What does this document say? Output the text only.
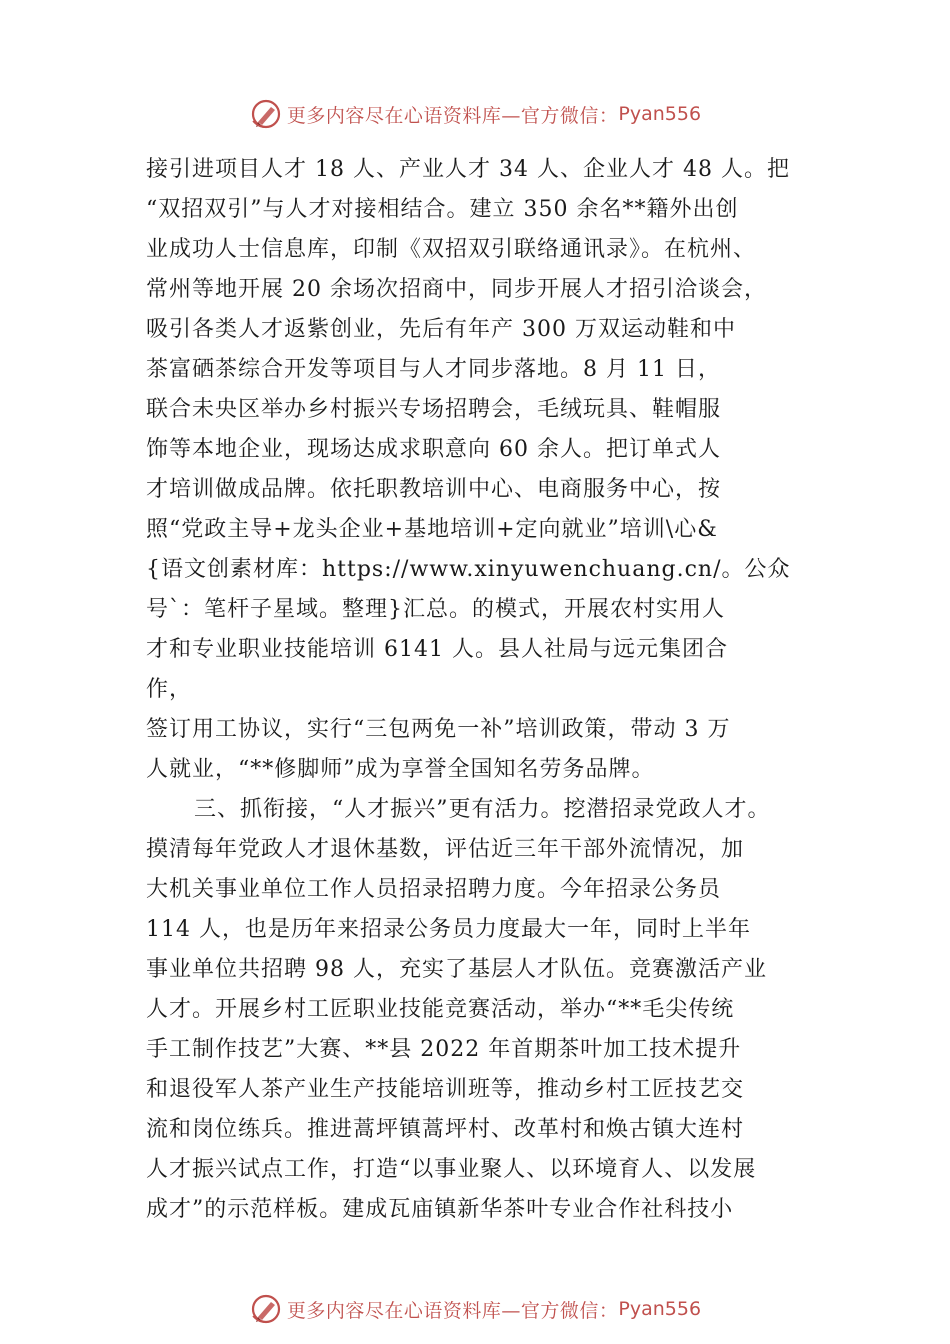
更多内容尽在心语资料库—官方微信： Pyan556
接引进项目人才 18 人、产业人才 34 人、企业人才 48 人。把
“双招双引”与人才对接相结合。建立 350 余名**籍外出创
业成功人士信息库，印制《双招双引联络通讯录》。在杭州、
常州等地开展 20 余场次招商中，同步开展人才招引洽谈会，
吸引各类人才返紫创业，先后有年产 300 万双运动鞋和中
茶富硒茶综合开发等项目与人才同步落地。8 月 11 日，
联合未央区举办乡村振兴专场招聘会，毛绒玩具、鞋帽服
饰等本地企业，现场达成求职意向 60 余人。把订单式人
才培训做成品牌。依托职教培训中心、电商服务中心，按
照“党政主导+龙头企业+基地培训+定向就业”培训\心&
{语文创素材库：https://www.xinyuwenchuang.cn/。公众
号`：笔杆子星域。整理}汇总。的模式，开展农村实用人
才和专业职业技能培训 6141 人。县人社局与远元集团合
作，
签订用工协议，实行“三包两免一补”培训政策，带动 3 万
人就业，“**修脚师”成为享誉全国知名劳务品牌。
三、抓衔接，“人才振兴”更有活力。挖潜招录党政人才。
摸清每年党政人才退休基数，评估近三年干部外流情况，加
大机关事业单位工作人员招录招聘力度。今年招录公务员
114 人，也是历年来招录公务员力度最大一年，同时上半年
事业单位共招聘 98 人，充实了基层人才队伍。竞赛激活产业
人才。开展乡村工匠职业技能竞赛活动，举办“**毛尖传统
手工制作技艺”大赛、**县 2022 年首期茶叶加工技术提升
和退役军人茶产业生产技能培训班等，推动乡村工匠技艺交
流和岗位练兵。推进蒿坪镇蒿坪村、改革村和焕古镇大连村
人才振兴试点工作，打造“以事业聚人、以环境育人、以发展
成才”的示范样板。建成瓦庙镇新华茶叶专业合作社科技小
更多内容尽在心语资料库—官方微信： Pyan556
